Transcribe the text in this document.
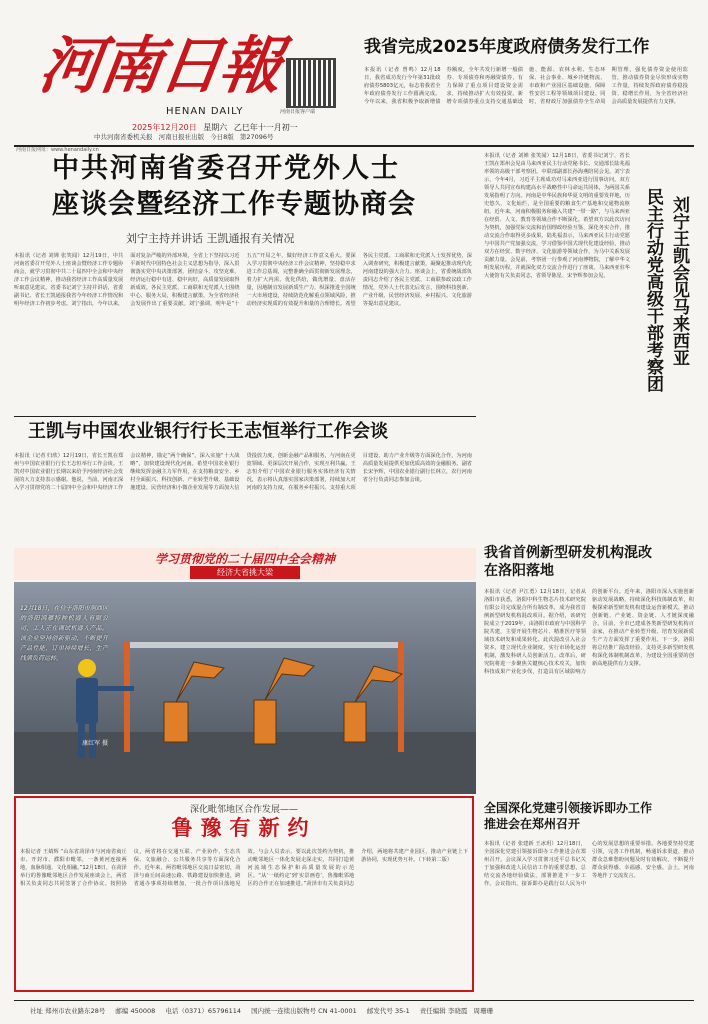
河南日報
HENAN DAILY
2025年12月20日 星期六 乙巳年十一月初一
中共河南省委机关报 河南日报社出版 今日8版 第27096号
河南日报客户端
河南日报网址：www.henandaily.cn
我省完成2025年度政府债务发行工作
本报讯（记者 曾鸣）12月18日，我省成功发行今年第31批政府债券5803亿元，标志着我省全年政府债券发行工作圆满完成。今年以来，我省积极争取新增债券额度，全年共发行新增一般债券、专项债券和再融资债券，有力保障了重点项目建设资金需求，持续推动扩大有效投资。新增专项债券重点支持交通基础设施、能源、农林水利、生态环保、社会事业、城乡冷链物流、市政和产业园区基础设施、保障性安居工程等领域项目建设。同时，省财政厅加强债券全生命周期管理，强化债券资金使用监管，推动债券资金尽快形成实物工作量，持续发挥政府债券稳投资、稳增长作用，为全省经济社会高质量发展提供有力支撑。
中共河南省委召开党外人士
座谈会暨经济工作专题协商会
刘宁主持并讲话 王凯通报有关情况
本报讯（记者 刘婵 张笑闻）12月19日，中共河南省委召开党外人士座谈会暨经济工作专题协商会，就学习贯彻中共二十届四中全会和中央经济工作会议精神，推动我省经济工作高质量发展听取意见建议。省委书记刘宁主持并讲话，省委副书记、省长王凯通报我省今年经济工作情况和明年经济工作初步考虑。刘宁指出，今年以来，面对复杂严峻的外部环境，全省上下坚持以习近平新时代中国特色社会主义思想为指导，深入贯彻落实党中央决策部署，团结奋斗、攻坚克难，经济运行稳中有进、稳中向好，高质量发展取得新成效。各民主党派、工商联和无党派人士围绕中心、服务大局，积极建言献策，为全省经济社会发展作出了重要贡献。刘宁强调，明年是“十五五”开局之年，做好经济工作意义重大。要深入学习贯彻中央经济工作会议精神，坚持稳中求进工作总基调，完整准确全面贯彻新发展理念，着力扩大内需、优化供给，做优增量、盘活存量，因地制宜发展新质生产力，纵深推进全国统一大市场建设，持续防范化解重点领域风险，推动经济实现质的有效提升和量的合理增长。希望各民主党派、工商联和无党派人士发挥优势，深入调查研究，积极建言献策，凝聚起推动现代化河南建设的强大合力。座谈会上，省委统战部负责同志介绍了各民主党派、工商联参政议政工作情况，党外人士代表先后发言，围绕科技创新、产业升级、民营经济发展、乡村振兴、文化旅游等提出意见建议。
本报讯（记者 刘婵 张笑闻）12月18日，省委书记刘宁、省长王凯在郑州会见由马来西亚民主行动党秘书长、交通部长陆兆福率领的高级干部考察团。中联部副部长孙海燕陪同会见。刘宁表示，今年4月，习近平主席成功对马来西亚进行国事访问，双方领导人共同宣布构建高水平战略性中马命运共同体，为两国关系发展指明了方向。河南是中华民族和华夏文明的重要发祥地，历史悠久、文化灿烂，是全国重要的粮食生产基地和交通物流枢纽。近年来，河南积极服务和融入共建“一带一路”，与马来西亚在经贸、人文、教育等领域合作不断深化。希望双方以此次访问为契机，加强党际交流和治国理政经验互鉴，深化务实合作，推动交流合作取得更多成果。陆兆福表示，马来西亚民主行动党愿与中国共产党加强交流，学习借鉴中国式现代化建设经验，推动双方在经贸、数字经济、文化旅游等领域合作，为马中关系发展贡献力量。会见前，考察团一行参观了河南博物院，了解中华文明发展历程，并就深化双方交流合作进行了座谈。马来西亚驻华大使馆有关负责同志，省领导陈星、宋争辉参加会见。	刘宁王凯会见马来西亚
民主行动党高级干部考察团
王凯与中国农业银行行长王志恒举行工作会谈
本报讯（记者 归欣）12月19日，省长王凯在郑州与中国农业银行行长王志恒举行工作会谈。王凯对中国农业银行长期以来给予河南经济社会发展的大力支持表示感谢。他说，当前，河南正深入学习贯彻党的二十届四中全会和中央经济工作会议精神，锚定“两个确保”，深入实施“十大战略”，加快建设现代化河南。希望中国农业银行继续发挥金融主力军作用，在支持粮食安全、乡村全面振兴、科技创新、产业转型升级、基础设施建设、民营经济和小微企业发展等方面加大信贷投放力度，创新金融产品和服务，与河南在更宽领域、更深层次开展合作，实现互利共赢。王志恒介绍了中国农业银行服务实体经济有关情况，表示将认真落实国家决策部署，持续加大对河南的支持力度，在服务乡村振兴、支持重大项目建设、助力产业升级等方面深化合作，为河南高质量发展提供更加优质高效的金融服务。副省长宋争辉，中国农业银行副行长林立，农行河南省分行负责同志参加会谈。
学习贯彻党的二十届四中全会精神
经济大省挑大梁
12月18日，在位于洛阳市涧西区的洛阳鸿雁特种机器人有限公司，工人正在调试机器人产品。该企业坚持创新驱动，不断提升产品性能，订单持续增长，生产线满负荷运转。
康红军 摄
我省首例新型研发机构混改
在洛阳落地
本报讯（记者 尹江勇）12月18日，记者从洛阳市获悉，洛阳中科生物芯片技术研究院有限公司完成混合所有制改革，成为我省首例新型研发机构混改项目。据介绍，该研究院成立于2019年，由洛阳市政府与中国科学院共建，主要开展生物芯片、精准医疗等领域技术研发和成果转化。此次混改引入社会资本，建立现代企业制度，实行市场化运营机制，激发科研人员创新活力。改革后，研究院将进一步聚焦关键核心技术攻关，加快科技成果产业化步伐，打造具有区域影响力的创新平台。近年来，洛阳市深入实施创新驱动发展战略，持续深化科技体制改革，积极探索新型研发机构建设运营新模式，推动创新链、产业链、资金链、人才链深度融合。目前，全市已建成各类新型研发机构百余家，在推动产业转型升级、培育发展新质生产力方面发挥了重要作用。下一步，洛阳将总结推广混改经验，支持更多新型研发机构深化体制机制改革，为建设全国重要的创新高地提供有力支撑。
深化毗邻地区合作发展——
鲁豫有新约
本报记者 王婧辉 “山东省菏泽市与河南省商丘市、开封市、濮阳市毗邻，一条黄河连接两地，血脉相通、文化相融。”12月18日，在菏泽举行的鲁豫毗邻地区合作发展座谈会上，两省相关负责同志共同签署了合作协议。按照协议，两省将在交通互联、产业协作、生态共保、文旅融合、公共服务共享等方面深化合作。近年来，两省毗邻地区交流日益密切，菏泽与商丘间高速公路、铁路建设加快推进，跨省通办事项持续增加，一批合作项目落地见效。与会人员表示，要以此次签约为契机，推动毗邻地区一体化发展走深走实，共同打造黄河流域生态保护和高质量发展的示范区。“从‘一纸约定’到‘实景画卷’，鲁豫毗邻地区的合作正在加速推进。”菏泽市有关负责同志介绍，两地将共建产业园区，推动产业链上下游协同，实现优势互补。（下转第二版）
全国深化党建引领接诉即办工作
推进会在郑州召开
本报讯（记者 张建新 王冰玥）12月18日，全国深化党建引领接诉即办工作推进会在郑州召开。会议深入学习贯彻习近平总书记关于加强和改进人民信访工作的重要思想，总结交流各地经验做法，部署推进下一步工作。会议指出，接诉即办是践行以人民为中心的发展思想的重要举措。各地要坚持党建引领，完善工作机制，畅通诉求渠道，推动群众急难愁盼问题及时有效解决，不断提升群众获得感、幸福感、安全感。会上，河南等地作了交流发言。
社址 郑州市农业路东28号 邮编 450008 电话（0371）65796114 国内统一连续出版物号 CN 41-0001 邮发代号 35-1 责任编辑 李晓霞 周珊珊
